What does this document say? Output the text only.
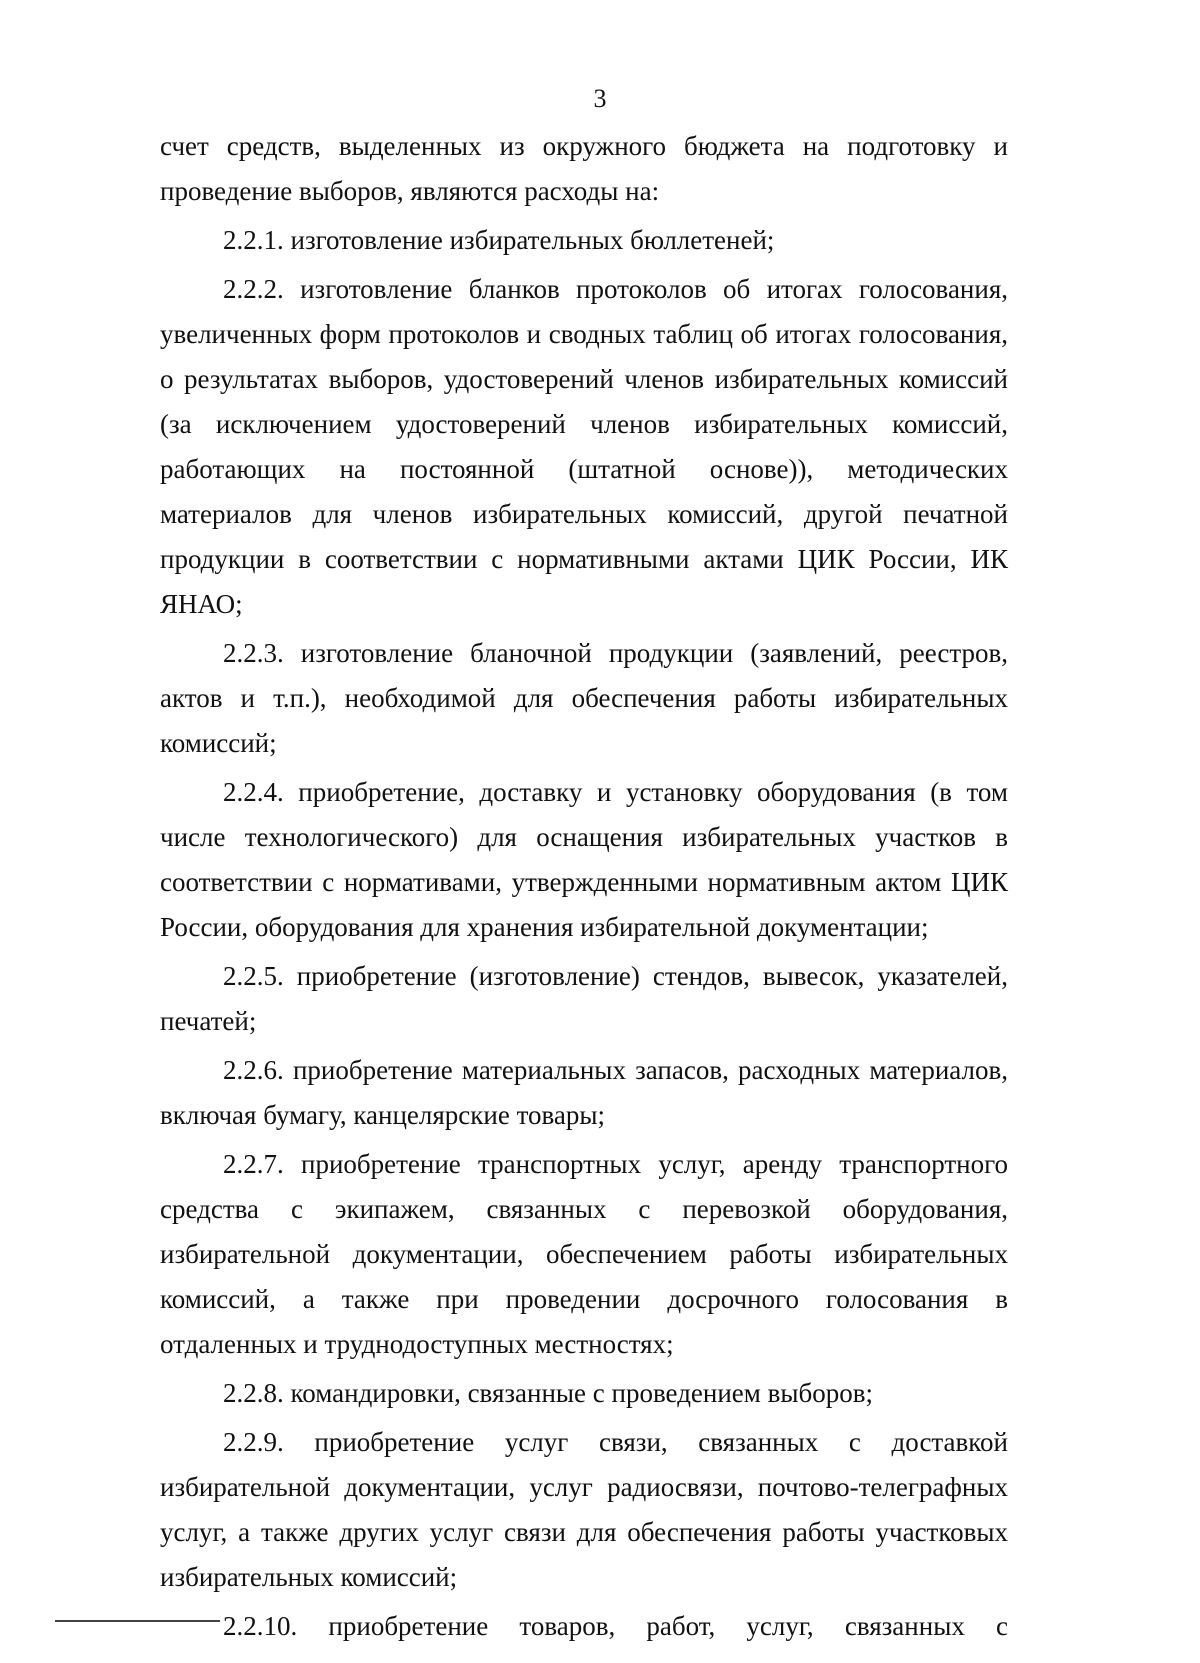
3

счет средств, выделенных из окружного бюджета на подготовку и проведение выборов, являются расходы на:

2.2.1. изготовление избирательных бюллетеней;

2.2.2. изготовление бланков протоколов об итогах голосования, увеличенных форм протоколов и сводных таблиц об итогах голосования, о результатах выборов, удостоверений членов избирательных комиссий (за исключением удостоверений членов избирательных комиссий, работающих на постоянной (штатной основе)), методических материалов для членов избирательных комиссий, другой печатной продукции в соответствии с нормативными актами ЦИК России, ИК ЯНАО;

2.2.3. изготовление бланочной продукции (заявлений, реестров, актов и т.п.), необходимой для обеспечения работы избирательных комиссий;

2.2.4. приобретение, доставку и установку оборудования (в том числе технологического) для оснащения избирательных участков в соответствии с нормативами, утвержденными нормативным актом ЦИК России, оборудования для хранения избирательной документации;

2.2.5. приобретение (изготовление) стендов, вывесок, указателей, печатей;

2.2.6. приобретение материальных запасов, расходных материалов, включая бумагу, канцелярские товары;

2.2.7. приобретение транспортных услуг, аренду транспортного средства с экипажем, связанных с перевозкой оборудования, избирательной документации, обеспечением работы избирательных комиссий, а также при проведении досрочного голосования в отдаленных и труднодоступных местностях;

2.2.8. командировки, связанные с проведением выборов;

2.2.9. приобретение услуг связи, связанных с доставкой избирательной документации, услуг радиосвязи, почтово-телеграфных услуг, а также других услуг связи для обеспечения работы участковых избирательных комиссий;

2.2.10. приобретение товаров, работ, услуг, связанных с
